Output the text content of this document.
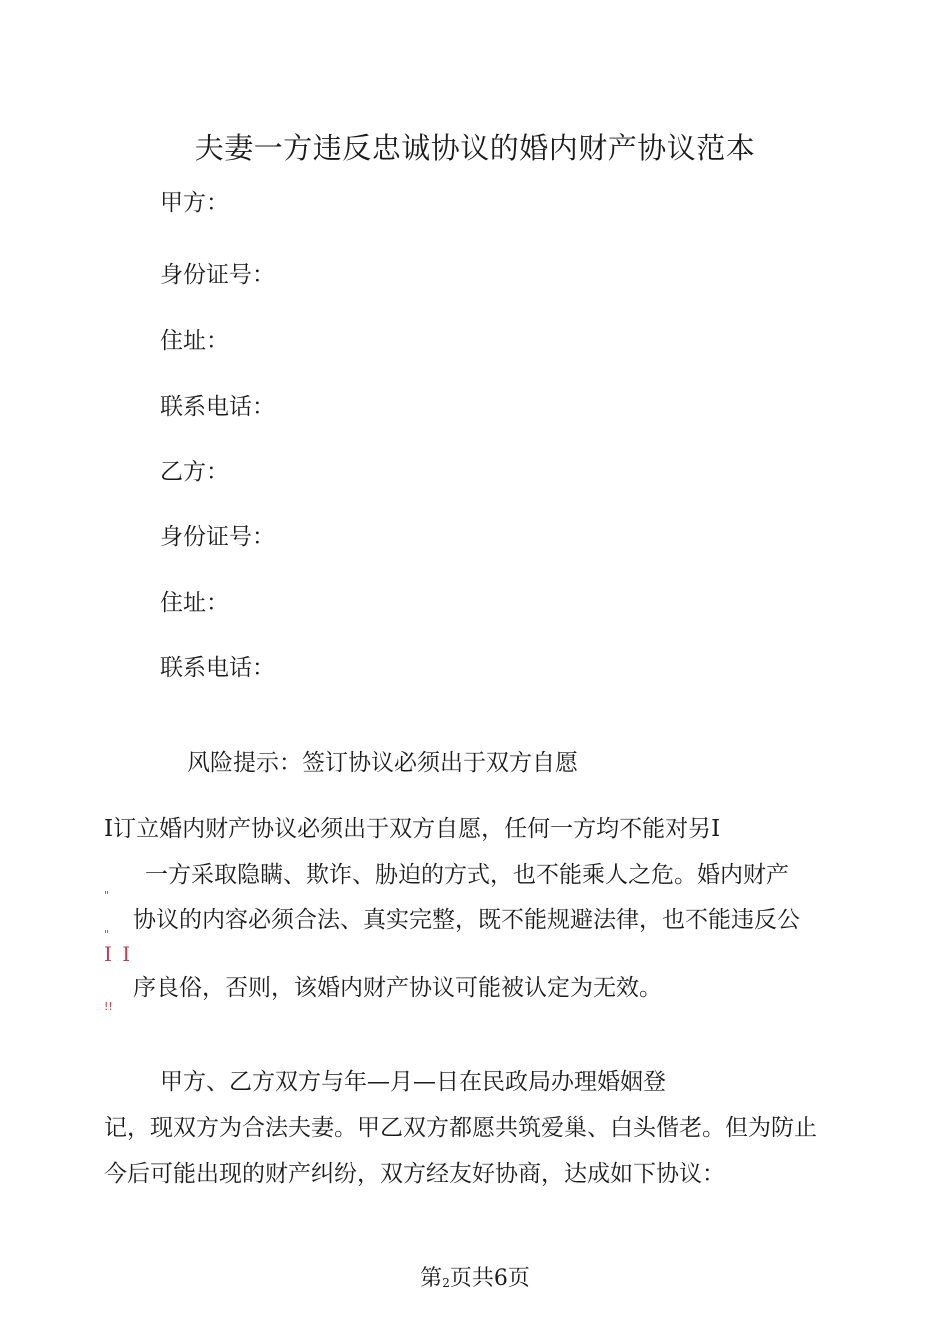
夫妻一方违反忠诚协议的婚内财产协议范本
甲方：
身份证号：
住址：
联系电话：
乙方：
身份证号：
住址：
联系电话：
风险提示：签订协议必须出于双方自愿
I订立婚内财产协议必须出于双方自愿，任何一方均不能对另I
一方采取隐瞒、欺诈、胁迫的方式，也不能乘人之危。婚内财产
协议的内容必须合法、真实完整，既不能规避法律，也不能违反公
序良俗，否则，该婚内财产协议可能被认定为无效。
"
"
I I
!!
甲方、乙方双方与年—月—日在民政局办理婚姻登
记，现双方为合法夫妻。甲乙双方都愿共筑爱巢、白头偕老。但为防止
今后可能出现的财产纠纷，双方经友好协商，达成如下协议：
第$_2$页共6页
